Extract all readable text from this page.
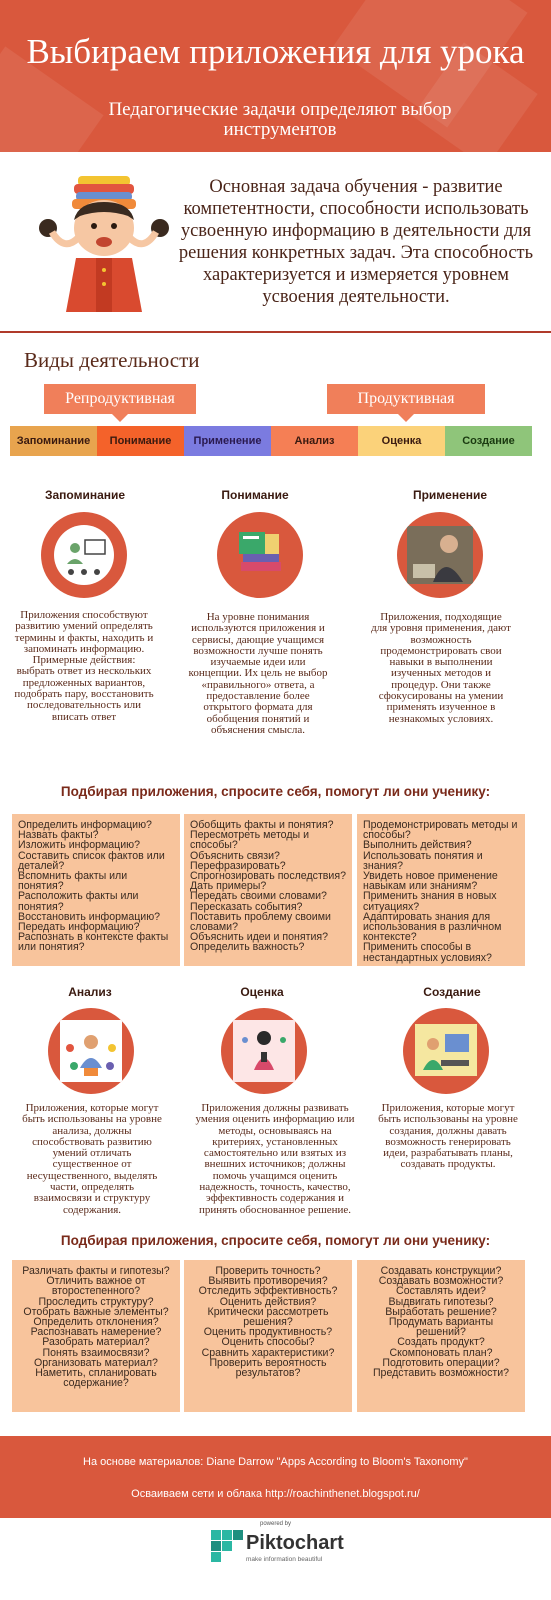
Выбираем приложения для урока
Педагогические задачи определяют выбор инструментов
Основная задача обучения - развитие компетентности, способности использовать усвоенную информацию в деятельности для решения конкретных задач. Эта способность характеризуется и измеряется уровнем усвоения деятельности.
Виды деятельности
Репродуктивная	Продуктивная
Запоминание	Понимание	Применение	Анализ	Оценка	Создание
Запоминание	Понимание	Применение
Приложения способствуют развитию умений определять термины и факты, находить и запоминать информацию. Примерные действия: выбрать ответ из нескольких предложенных вариантов, подобрать пару, восстановить последовательность или вписать ответ
На уровне понимания используются приложения и сервисы, дающие учащимся возможности лучше понять изучаемые идеи или концепции. Их цель не выбор «правильного» ответа, а предоставление более открытого формата для обобщения понятий и объяснения смысла.
Приложения, подходящие для уровня применения, дают возможность продемонстрировать свои навыки в выполнении изученных методов и процедур. Они также сфокусированы на умении применять изученное в незнакомых условиях.
Подбирая приложения, спросите себя, помогут ли они ученику:
Определить информацию?
Назвать факты?
Изложить информацию?
Составить список фактов или деталей?
Вспомнить факты или понятия?
Расположить факты или понятия?
Восстановить информацию?
Передать информацию?
Распознать в контексте факты или понятия?
Обобщить факты и понятия?
Пересмотреть методы и способы?
Объяснить связи?
Перефразировать?
Спрогнозировать последствия?
Дать примеры?
Передать своими словами?
Пересказать события?
Поставить проблему своими словами?
Объяснить идеи и понятия?
Определить важность?
Продемонстрировать методы и способы?
Выполнить действия?
Использовать понятия и знания?
Увидеть новое применение навыкам или знаниям?
Применить знания в новых ситуациях?
Адаптировать знания для использования в различном контексте?
Применить способы в нестандартных условиях?
Анализ	Оценка	Создание
Приложения, которые могут быть использованы на уровне анализа, должны способствовать развитию умений отличать существенное от несущественного, выделять части, определять взаимосвязи и структуру содержания.
Приложения должны развивать умения оценить информацию или методы, основываясь на критериях, установленных самостоятельно или взятых из внешних источников; должны помочь учащимся оценить надежность, точность, качество, эффективность содержания и принять обоснованное решение.
Приложения, которые могут быть использованы на уровне создания, должны давать возможность генерировать идеи, разрабатывать планы, создавать продукты.
Подбирая приложения, спросите себя, помогут ли они ученику:
Различать факты и гипотезы?
Отличить важное от второстепенного?
Проследить структуру?
Отобрать важные элементы?
Определить отклонения?
Распознавать намерение?
Разобрать материал?
Понять взаимосвязи?
Организовать материал?
Наметить, спланировать содержание?
Проверить точность?
Выявить противоречия?
Отследить эффективность?
Оценить действия?
Критически рассмотреть решения?
Оценить продуктивность?
Оценить способы?
Сравнить характеристики?
Проверить вероятность результатов?
Создавать конструкции?
Создавать возможности?
Составлять идеи?
Выдвигать гипотезы?
Выработать решение?
Продумать варианты решений?
Создать продукт?
Скомпоновать план?
Подготовить операции?
Представить возможности?
На основе материалов: Diane Darrow "Apps According to Bloom's Taxonomy"
Осваиваем сети и облака http://roachinthenet.blogspot.ru/
powered by
Piktochart
make information beautiful
